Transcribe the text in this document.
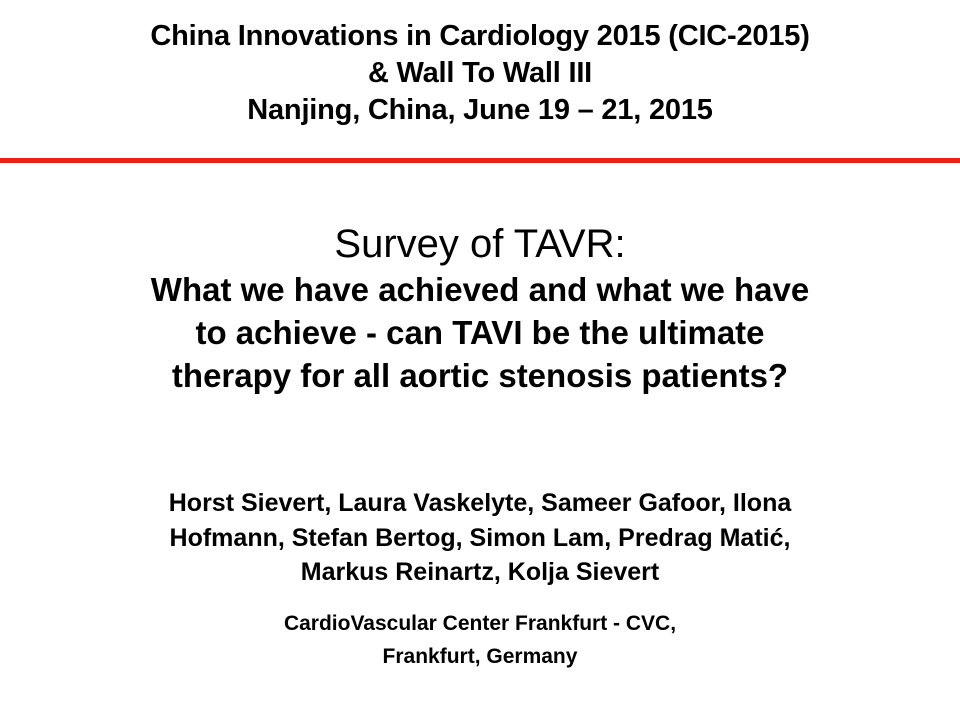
China Innovations in Cardiology 2015 (CIC-2015)
& Wall To Wall III
Nanjing, China, June 19 – 21, 2015
Survey of TAVR:
What we have achieved and what we have
to achieve - can TAVI be the ultimate
therapy for all aortic stenosis patients?
Horst Sievert, Laura Vaskelyte, Sameer Gafoor, Ilona
Hofmann, Stefan Bertog, Simon Lam, Predrag Matić,
Markus Reinartz, Kolja Sievert
CardioVascular Center Frankfurt - CVC,
Frankfurt, Germany
